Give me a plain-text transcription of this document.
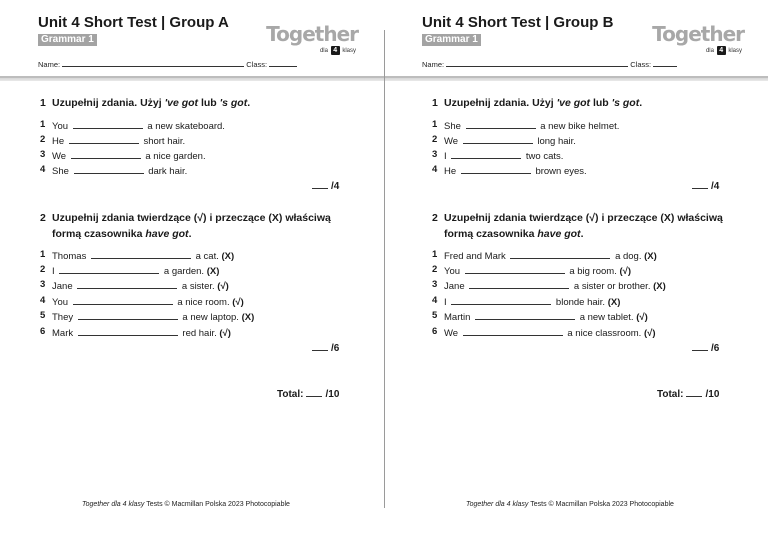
Unit 4 Short Test | Group A
Grammar 1	Together
dla 4 klasy
Name:	Class:
1 Uzupełnij zdania. Użyj 've got lub 's got.
1 You	a new skateboard.
2 He	short hair.
3 We	a nice garden.
4 She	dark hair.
/4
2 Uzupełnij zdania twierdzące (√) i przeczące (X) właściwą
formą czasownika have got.
1 Thomas	a cat. (X)
2 I	a garden. (X)
3 Jane	a sister. (√)
4 You	a nice room. (√)
5 They	a new laptop. (X)
6 Mark	red hair. (√)
/6
Total: /10
Together dla 4 klasy Tests © Macmillan Polska 2023 Photocopiable
Unit 4 Short Test | Group B
Grammar 1	Together
dla 4 klasy
Name:	Class:
1 Uzupełnij zdania. Użyj 've got lub 's got.
1 She	a new bike helmet.
2 We	long hair.
3 I	two cats.
4 He	brown eyes.
/4
2 Uzupełnij zdania twierdzące (√) i przeczące (X) właściwą
formą czasownika have got.
1 Fred and Mark	a dog. (X)
2 You	a big room. (√)
3 Jane	a sister or brother. (X)
4 I	blonde hair. (X)
5 Martin	a new tablet. (√)
6 We	a nice classroom. (√)
/6
Total: /10
Together dla 4 klasy Tests © Macmillan Polska 2023 Photocopiable
